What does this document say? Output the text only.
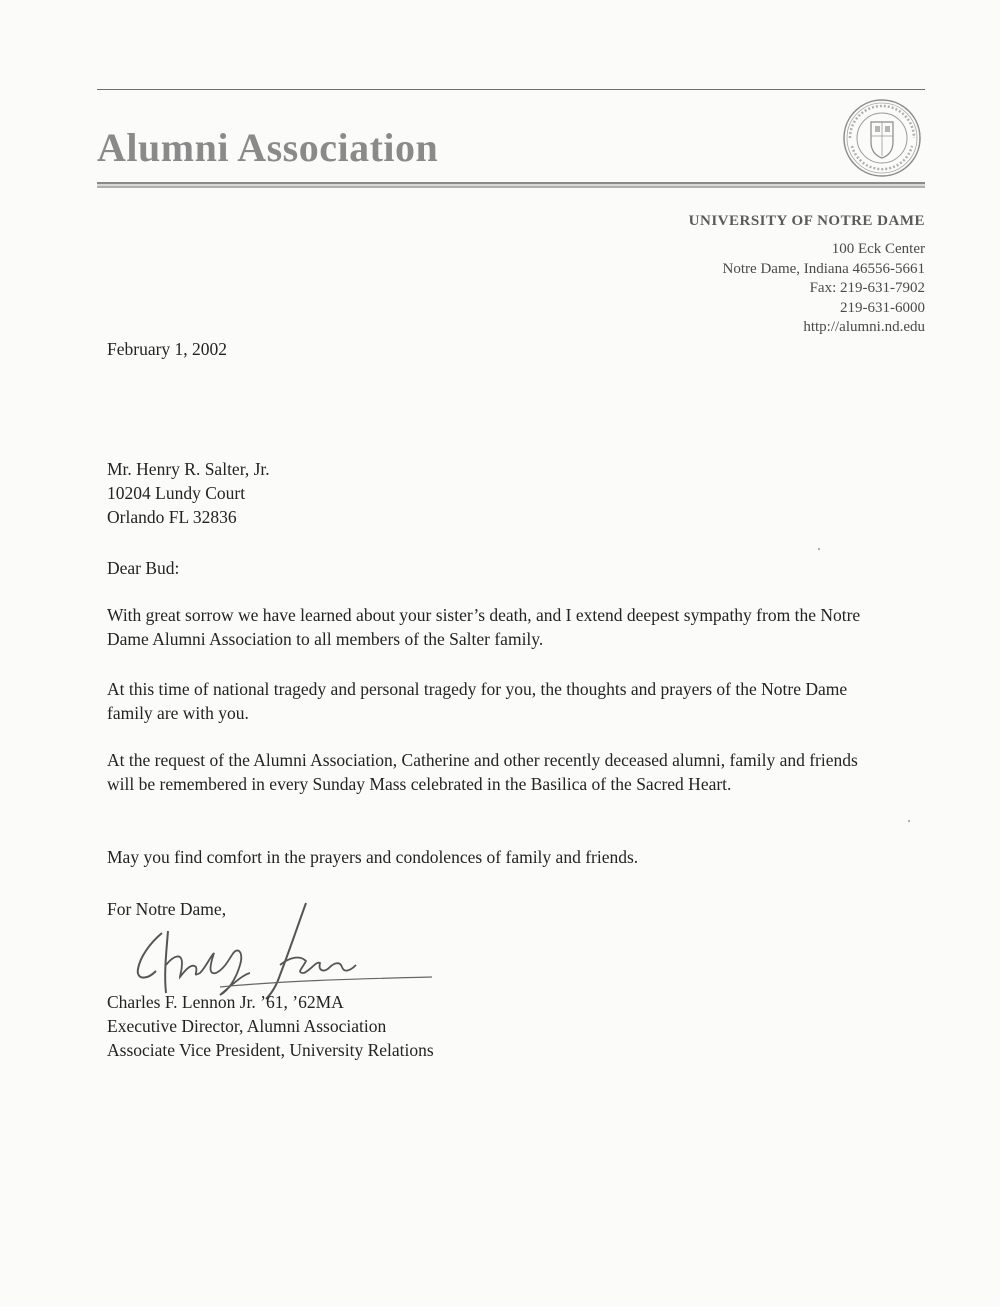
Alumni Association
UNIVERSITY OF NOTRE DAME
100 Eck Center
Notre Dame, Indiana 46556-5661
Fax: 219-631-7902
219-631-6000
http://alumni.nd.edu

February 1, 2002

Mr. Henry R. Salter, Jr.
10204 Lundy Court
Orlando FL 32836

Dear Bud:

With great sorrow we have learned about your sister’s death, and I extend deepest sympathy from the Notre Dame Alumni Association to all members of the Salter family.

At this time of national tragedy and personal tragedy for you, the thoughts and prayers of the Notre Dame family are with you.

At the request of the Alumni Association, Catherine and other recently deceased alumni, family and friends will be remembered in every Sunday Mass celebrated in the Basilica of the Sacred Heart.

May you find comfort in the prayers and condolences of family and friends.

For Notre Dame,

Charles F. Lennon Jr. ’61, ’62MA
Executive Director, Alumni Association
Associate Vice President, University Relations
